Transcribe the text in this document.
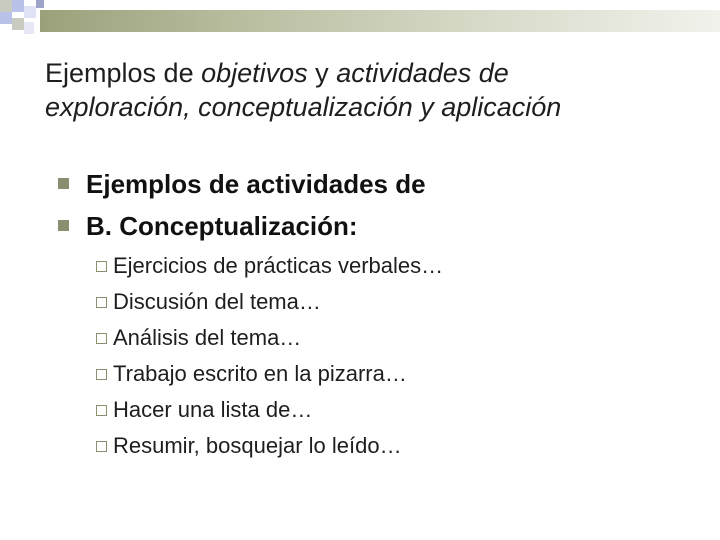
Ejemplos de objetivos y actividades de
exploración, conceptualización y aplicación
Ejemplos de actividades de
B. Conceptualización:
Ejercicios de prácticas verbales…
Discusión del tema…
Análisis del tema…
Trabajo escrito en la pizarra…
Hacer una lista de…
Resumir, bosquejar lo leído…
